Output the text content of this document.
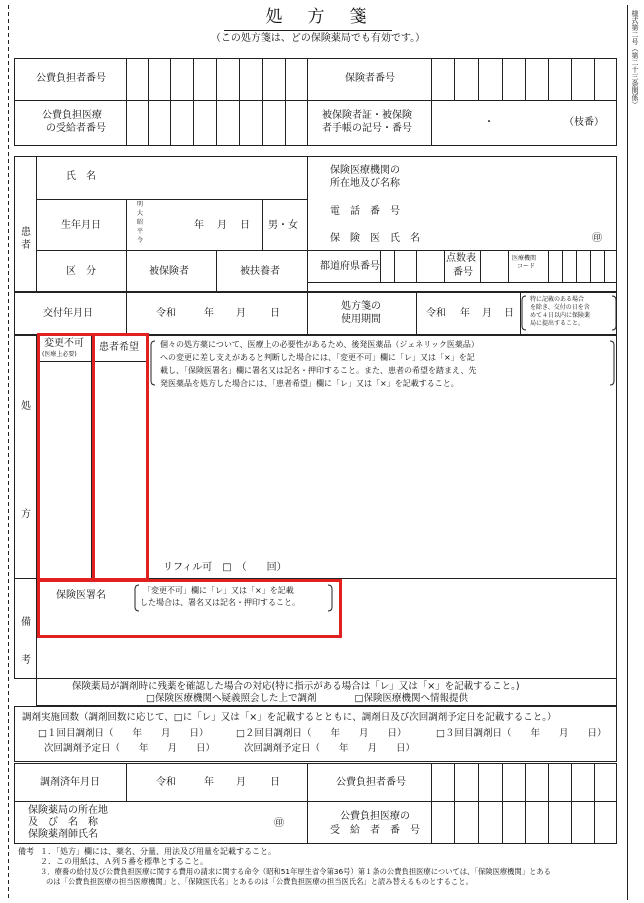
処　方　箋
（この処方箋は、どの保険薬局でも有効です。）	様式第二号（第二十三条関係）
公費負担者番号	保険者番号
公費負担医療
の受給者番号
被保険者証・被保険
者手帳の記号・番号
・	（枝番）
患
者
氏　名
生年月日
明
大
昭
平
令
年 月 日 男・女
区　分	被保険者	被扶養者
保険医療機関の
所在地及び名称
電　話　番　号
保　険　医　氏　名	㊞
都道府県番号
点数表
番号
医療機関
コード
交付年月日	令和	年 月 日
処方箋の
使用期間
令和 年 月 日
特に記載のある場合
を除き、交付の日を含
めて４日以内に保険薬
局に提出すること。
処
方
変更不可
(医療上必要)
患者希望	個々の処方薬について、医療上の必要性があるため、後発医薬品（ジェネリック医薬品）
への変更に差し支えがあると判断した場合には、「変更不可」欄に「レ」又は「×」を記
載し、「保険医署名」欄に署名又は記名・押印すること。また、患者の希望を踏まえ、先
発医薬品を処方した場合には、「患者希望」欄に「レ」又は「×」を記載すること。
リフィル可　□　（　　回）
備
考
保険医署名	「変更不可」欄に「レ」又は「×」を記載
した場合は、署名又は記名・押印すること。
保険薬局が調剤時に残薬を確認した場合の対応(特に指示がある場合は「レ」又は「×」を記載すること。)
□保険医療機関へ疑義照会した上で調剤　　　　□保険医療機関へ情報提供
調剤実施回数（調剤回数に応じて、□に「レ」又は「×」を記載するとともに、調剤日及び次回調剤予定日を記載すること。）
□１回目調剤日（　　年　　月　　日）
次回調剤予定日（　　年　　月　　日）
□２回目調剤日（　　年　　月　　日）
次回調剤予定日（　　年　　月　　日）
□３回目調剤日（　　年　　月　　日）
調剤済年月日	令和	年 月 日	公費負担者番号
保険薬局の所在地
及　び　名　称
保険薬剤師氏名
㊞
公費負担医療の
受　給　者　番　号
備考 １．「処方」欄には、薬名、分量、用法及び用量を記載すること。
２．この用紙は、Ａ列５番を標準とすること。
３．療養の給付及び公費負担医療に関する費用の請求に関する命令（昭和51年厚生省令第36号）第１条の公費負担医療については、「保険医療機関」とある
のは「公費負担医療の担当医療機関」と、「保険医氏名」とあるのは「公費負担医療の担当医氏名」と読み替えるものとすること。
